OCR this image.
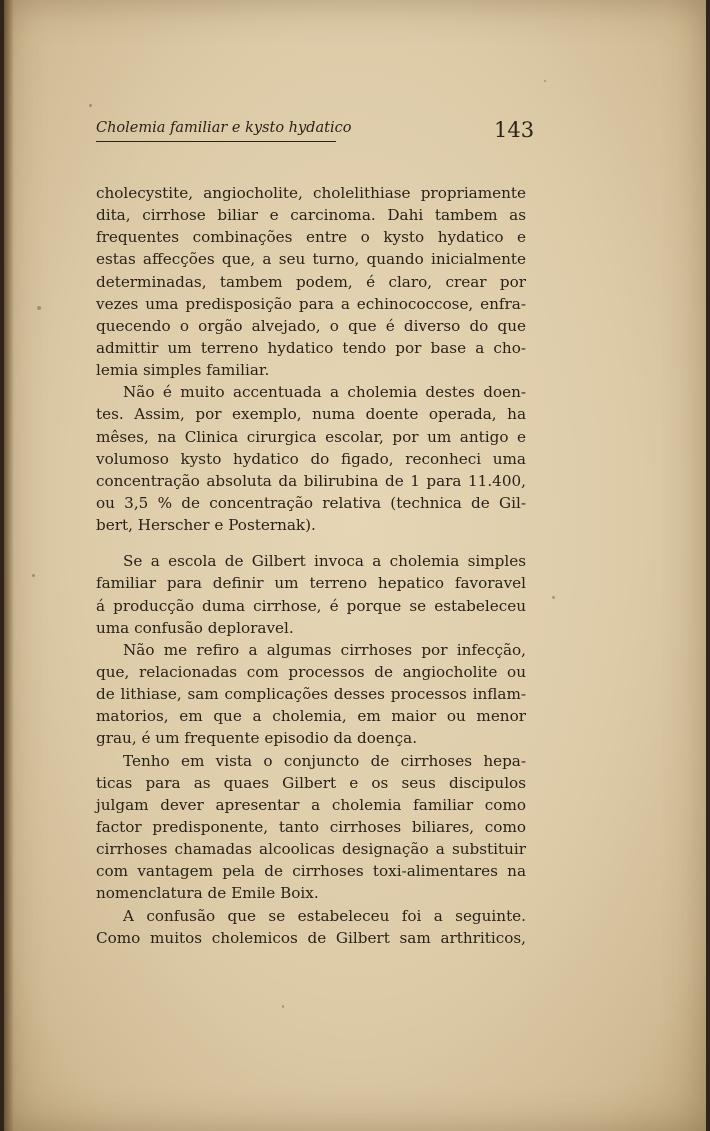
Cholemia familiar e kysto hydatico	143
cholecystite, angiocholite, cholelithiase propriamente
dita, cirrhose biliar e carcinoma. Dahi tambem as
frequentes combinações entre o kysto hydatico e
estas affecções que, a seu turno, quando inicialmente
determinadas, tambem podem, é claro, crear por
vezes uma predisposição para a echinococcose, enfra-
quecendo o orgão alvejado, o que é diverso do que
admittir um terreno hydatico tendo por base a cho-
lemia simples familiar.
Não é muito accentuada a cholemia destes doen-
tes. Assim, por exemplo, numa doente operada, ha
mêses, na Clinica cirurgica escolar, por um antigo e
volumoso kysto hydatico do figado, reconheci uma
concentração absoluta da bilirubina de 1 para 11.400,
ou 3,5 % de concentração relativa (technica de Gil-
bert, Herscher e Posternak).
Se a escola de Gilbert invoca a cholemia simples
familiar para definir um terreno hepatico favoravel
á producção duma cirrhose, é porque se estabeleceu
uma confusão deploravel.
Não me refiro a algumas cirrhoses por infecção,
que, relacionadas com processos de angiocholite ou
de lithiase, sam complicações desses processos inflam-
matorios, em que a cholemia, em maior ou menor
grau, é um frequente episodio da doença.
Tenho em vista o conjuncto de cirrhoses hepa-
ticas para as quaes Gilbert e os seus discipulos
julgam dever apresentar a cholemia familiar como
factor predisponente, tanto cirrhoses biliares, como
cirrhoses chamadas alcoolicas designação a substituir
com vantagem pela de cirrhoses toxi-alimentares na
nomenclatura de Emile Boix.
A confusão que se estabeleceu foi a seguinte.
Como muitos cholemicos de Gilbert sam arthriticos,
